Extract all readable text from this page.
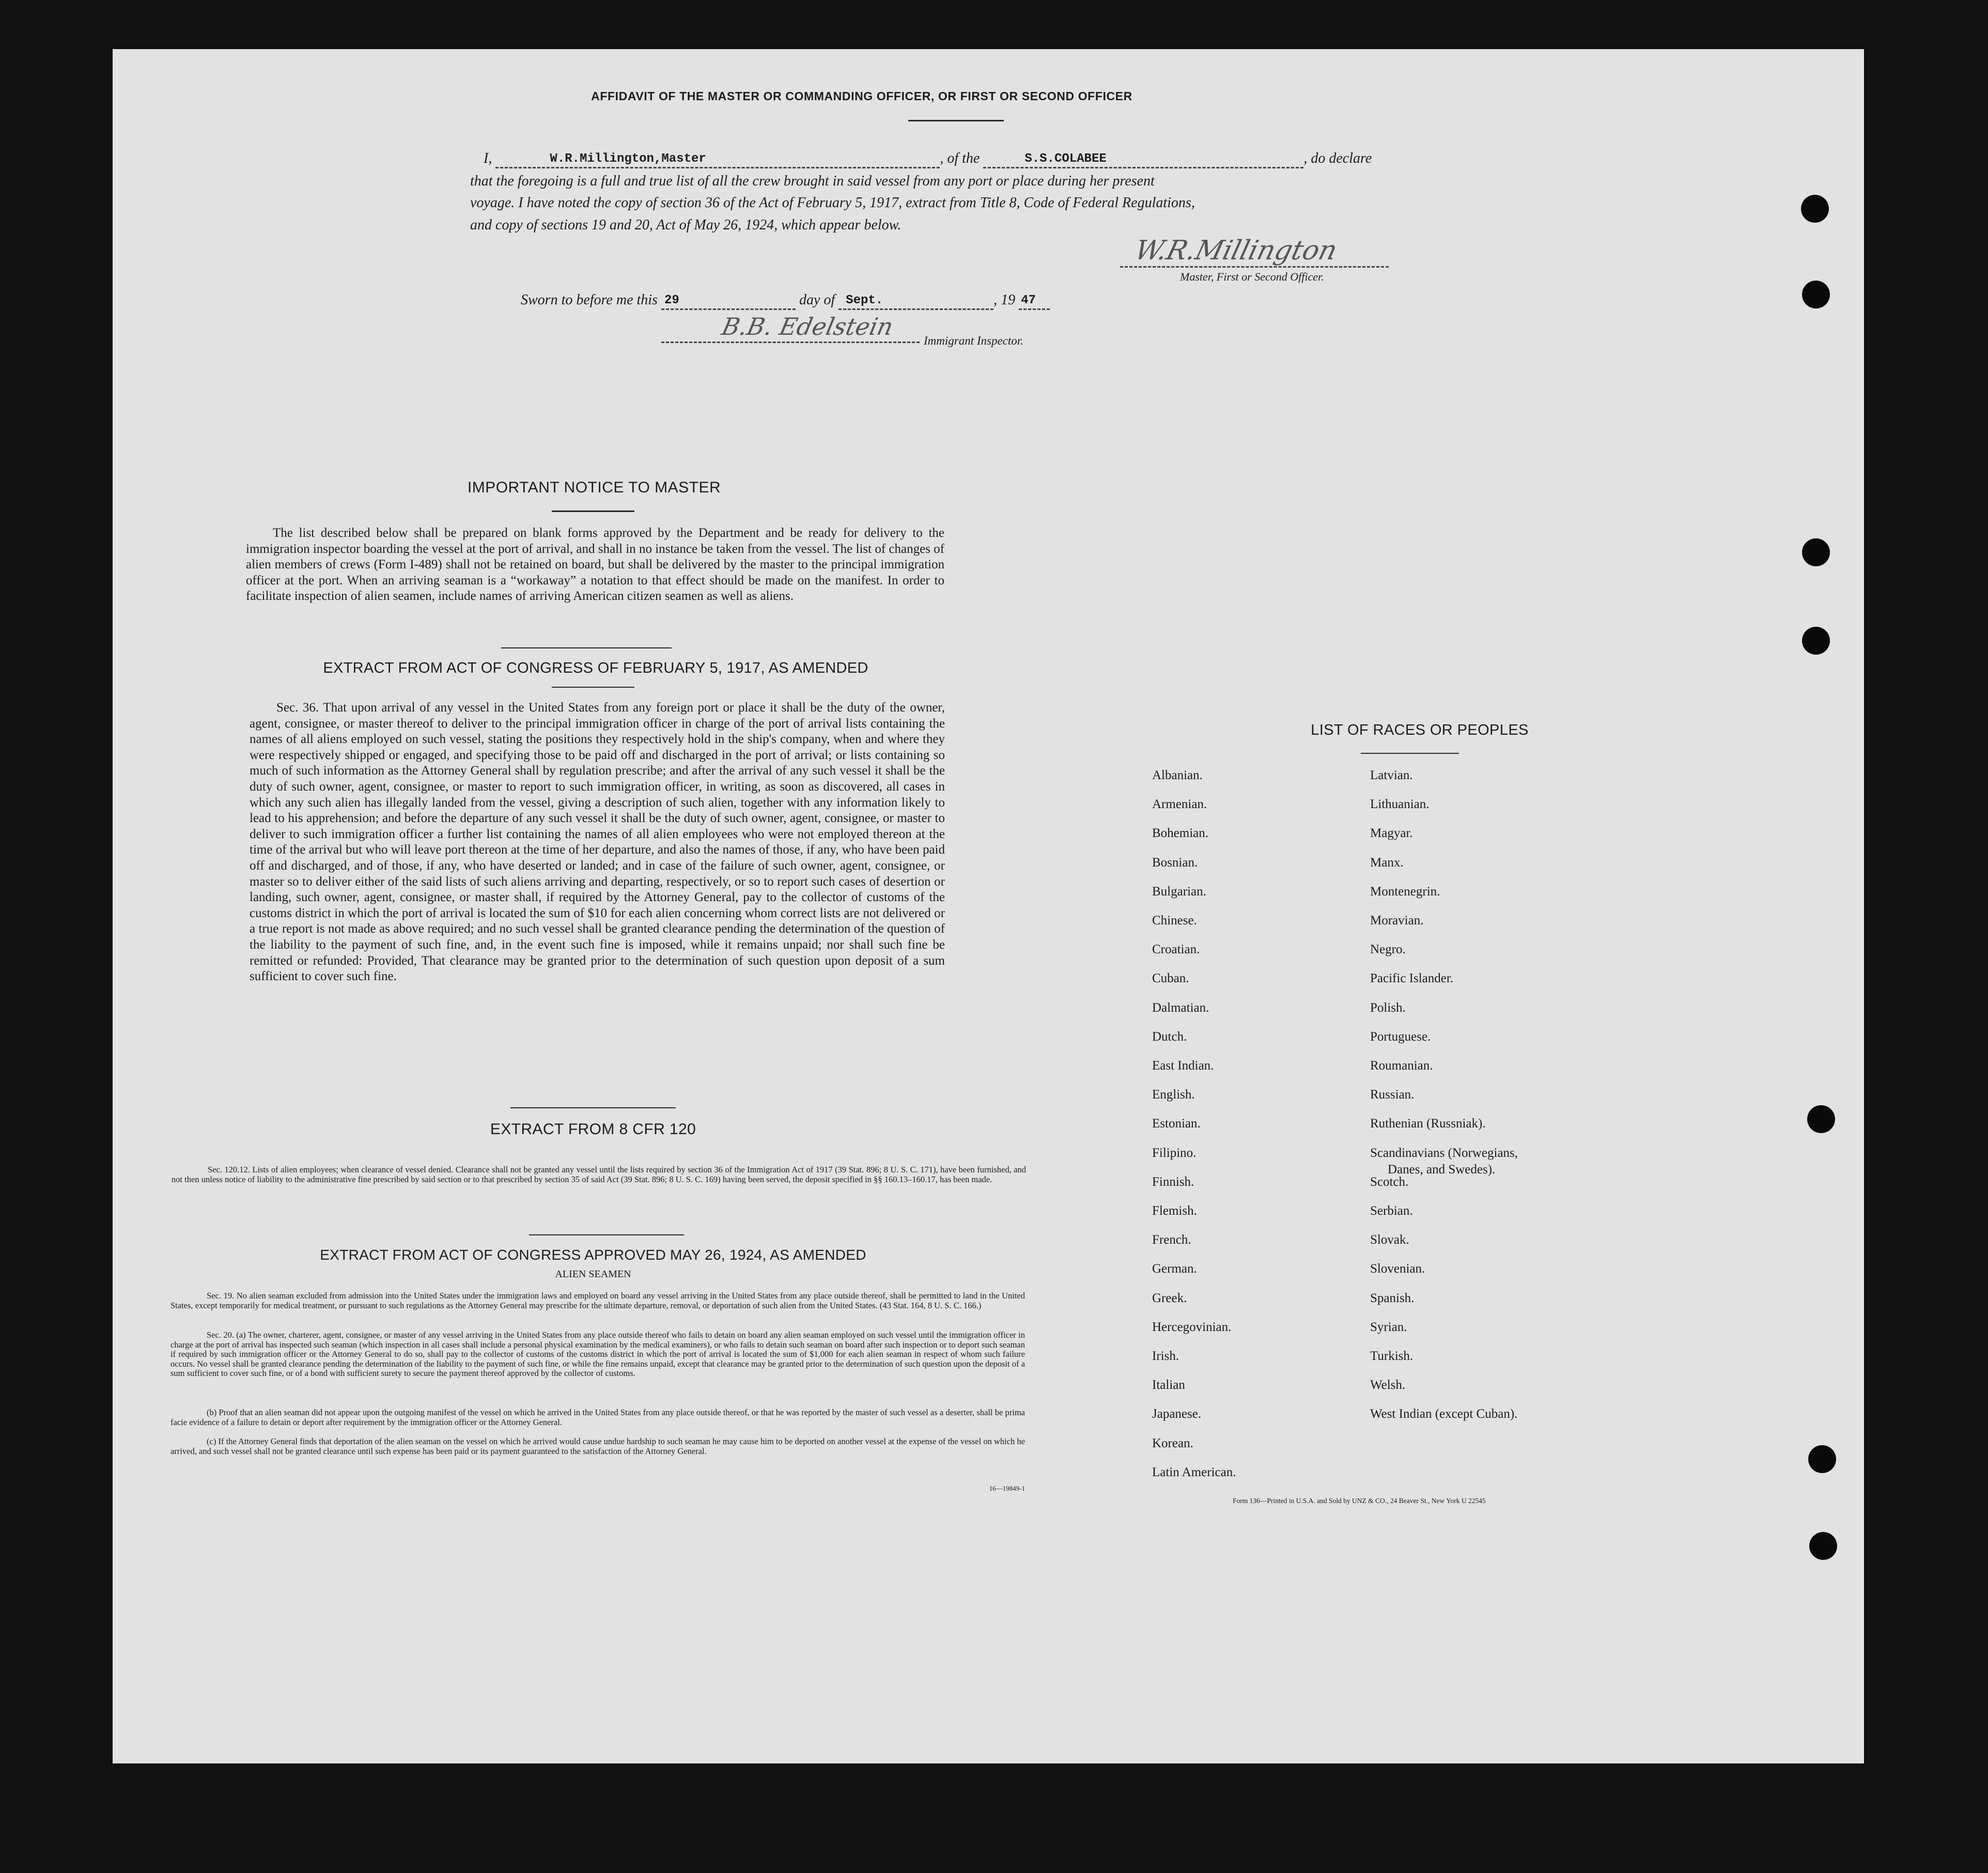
AFFIDAVIT OF THE MASTER OR COMMANDING OFFICER, OR FIRST OR SECOND OFFICER
I,	W.R.Millington,Master	, of the	S.S.COLABEE	, do declare
that the foregoing is a full and true list of all the crew brought in said vessel from any port or place during her present
voyage. I have noted the copy of section 36 of the Act of February 5, 1917, extract from Title 8, Code of Federal Regulations,
and copy of sections 19 and 20, Act of May 26, 1924, which appear below.
W.R.Millington
Master, First or Second Officer.
Sworn to before me this 29	day of Sept.	, 19 47

B.B. Edelstein
Immigrant Inspector.
IMPORTANT NOTICE TO MASTER
The list described below shall be prepared on blank forms approved by the Department and be ready for delivery to the immigration inspector boarding the vessel at the port of arrival, and shall in no instance be taken from the vessel. The list of changes of alien members of crews (Form I-489) shall not be retained on board, but shall be delivered by the master to the principal immigration officer at the port. When an arriving seaman is a “workaway” a notation to that effect should be made on the manifest. In order to facilitate inspection of alien seamen, include names of arriving American citizen seamen as well as aliens.
EXTRACT FROM ACT OF CONGRESS OF FEBRUARY 5, 1917, AS AMENDED
Sec. 36. That upon arrival of any vessel in the United States from any foreign port or place it shall be the duty of the owner, agent, consignee, or master thereof to deliver to the principal immigration officer in charge of the port of arrival lists containing the names of all aliens employed on such vessel, stating the positions they respectively hold in the ship's company, when and where they were respectively shipped or engaged, and specifying those to be paid off and discharged in the port of arrival; or lists containing so much of such information as the Attorney General shall by regulation prescribe; and after the arrival of any such vessel it shall be the duty of such owner, agent, consignee, or master to report to such immigration officer, in writing, as soon as discovered, all cases in which any such alien has illegally landed from the vessel, giving a description of such alien, together with any information likely to lead to his apprehension; and before the departure of any such vessel it shall be the duty of such owner, agent, consignee, or master to deliver to such immigration officer a further list containing the names of all alien employees who were not employed thereon at the time of the arrival but who will leave port thereon at the time of her departure, and also the names of those, if any, who have been paid off and discharged, and of those, if any, who have deserted or landed; and in case of the failure of such owner, agent, consignee, or master so to deliver either of the said lists of such aliens arriving and departing, respectively, or so to report such cases of desertion or landing, such owner, agent, consignee, or master shall, if required by the Attorney General, pay to the collector of customs of the customs district in which the port of arrival is located the sum of $10 for each alien concerning whom correct lists are not delivered or a true report is not made as above required; and no such vessel shall be granted clearance pending the determination of the question of the liability to the payment of such fine, and, in the event such fine is imposed, while it remains unpaid; nor shall such fine be remitted or refunded: Provided, That clearance may be granted prior to the determination of such question upon deposit of a sum sufficient to cover such fine.
EXTRACT FROM 8 CFR 120
Sec. 120.12. Lists of alien employees; when clearance of vessel denied. Clearance shall not be granted any vessel until the lists required by section 36 of the Immigration Act of 1917 (39 Stat. 896; 8 U. S. C. 171), have been furnished, and not then unless notice of liability to the administrative fine prescribed by said section or to that prescribed by section 35 of said Act (39 Stat. 896; 8 U. S. C. 169) having been served, the deposit specified in §§ 160.13–160.17, has been made.
EXTRACT FROM ACT OF CONGRESS APPROVED MAY 26, 1924, AS AMENDED
ALIEN SEAMEN
Sec. 19. No alien seaman excluded from admission into the United States under the immigration laws and employed on board any vessel arriving in the United States from any place outside thereof, shall be permitted to land in the United States, except temporarily for medical treatment, or pursuant to such regulations as the Attorney General may prescribe for the ultimate departure, removal, or deportation of such alien from the United States. (43 Stat. 164, 8 U. S. C. 166.)
Sec. 20. (a) The owner, charterer, agent, consignee, or master of any vessel arriving in the United States from any place outside thereof who fails to detain on board any alien seaman employed on such vessel until the immigration officer in charge at the port of arrival has inspected such seaman (which inspection in all cases shall include a personal physical examination by the medical examiners), or who fails to detain such seaman on board after such inspection or to deport such seaman if required by such immigration officer or the Attorney General to do so, shall pay to the collector of customs of the customs district in which the port of arrival is located the sum of $1,000 for each alien seaman in respect of whom such failure occurs. No vessel shall be granted clearance pending the determination of the liability to the payment of such fine, or while the fine remains unpaid, except that clearance may be granted prior to the determination of such question upon the deposit of a sum sufficient to cover such fine, or of a bond with sufficient surety to secure the payment thereof approved by the collector of customs.
(b) Proof that an alien seaman did not appear upon the outgoing manifest of the vessel on which he arrived in the United States from any place outside thereof, or that he was reported by the master of such vessel as a deserter, shall be prima facie evidence of a failure to detain or deport after requirement by the immigration officer or the Attorney General.
(c) If the Attorney General finds that deportation of the alien seaman on the vessel on which he arrived would cause undue hardship to such seaman he may cause him to be deported on another vessel at the expense of the vessel on which he arrived, and such vessel shall not be granted clearance until such expense has been paid or its payment guaranteed to the satisfaction of the Attorney General.
16—19849-1
LIST OF RACES OR PEOPLES
Albanian.
Armenian.
Bohemian.
Bosnian.
Bulgarian.
Chinese.
Croatian.
Cuban.
Dalmatian.
Dutch.
East Indian.
English.
Estonian.
Filipino.
Finnish.
Flemish.
French.
German.
Greek.
Hercegovinian.
Irish.
Italian
Japanese.
Korean.
Latin American.
Latvian.
Lithuanian.
Magyar.
Manx.
Montenegrin.
Moravian.
Negro.
Pacific Islander.
Polish.
Portuguese.
Roumanian.
Russian.
Ruthenian (Russniak).
Scandinavians (Norwegians,
Danes, and Swedes).
Scotch.
Serbian.
Slovak.
Slovenian.
Spanish.
Syrian.
Turkish.
Welsh.
West Indian (except Cuban).
Form 136—Printed in U.S.A. and Sold by UNZ & CO., 24 Beaver St., New York U 22545
